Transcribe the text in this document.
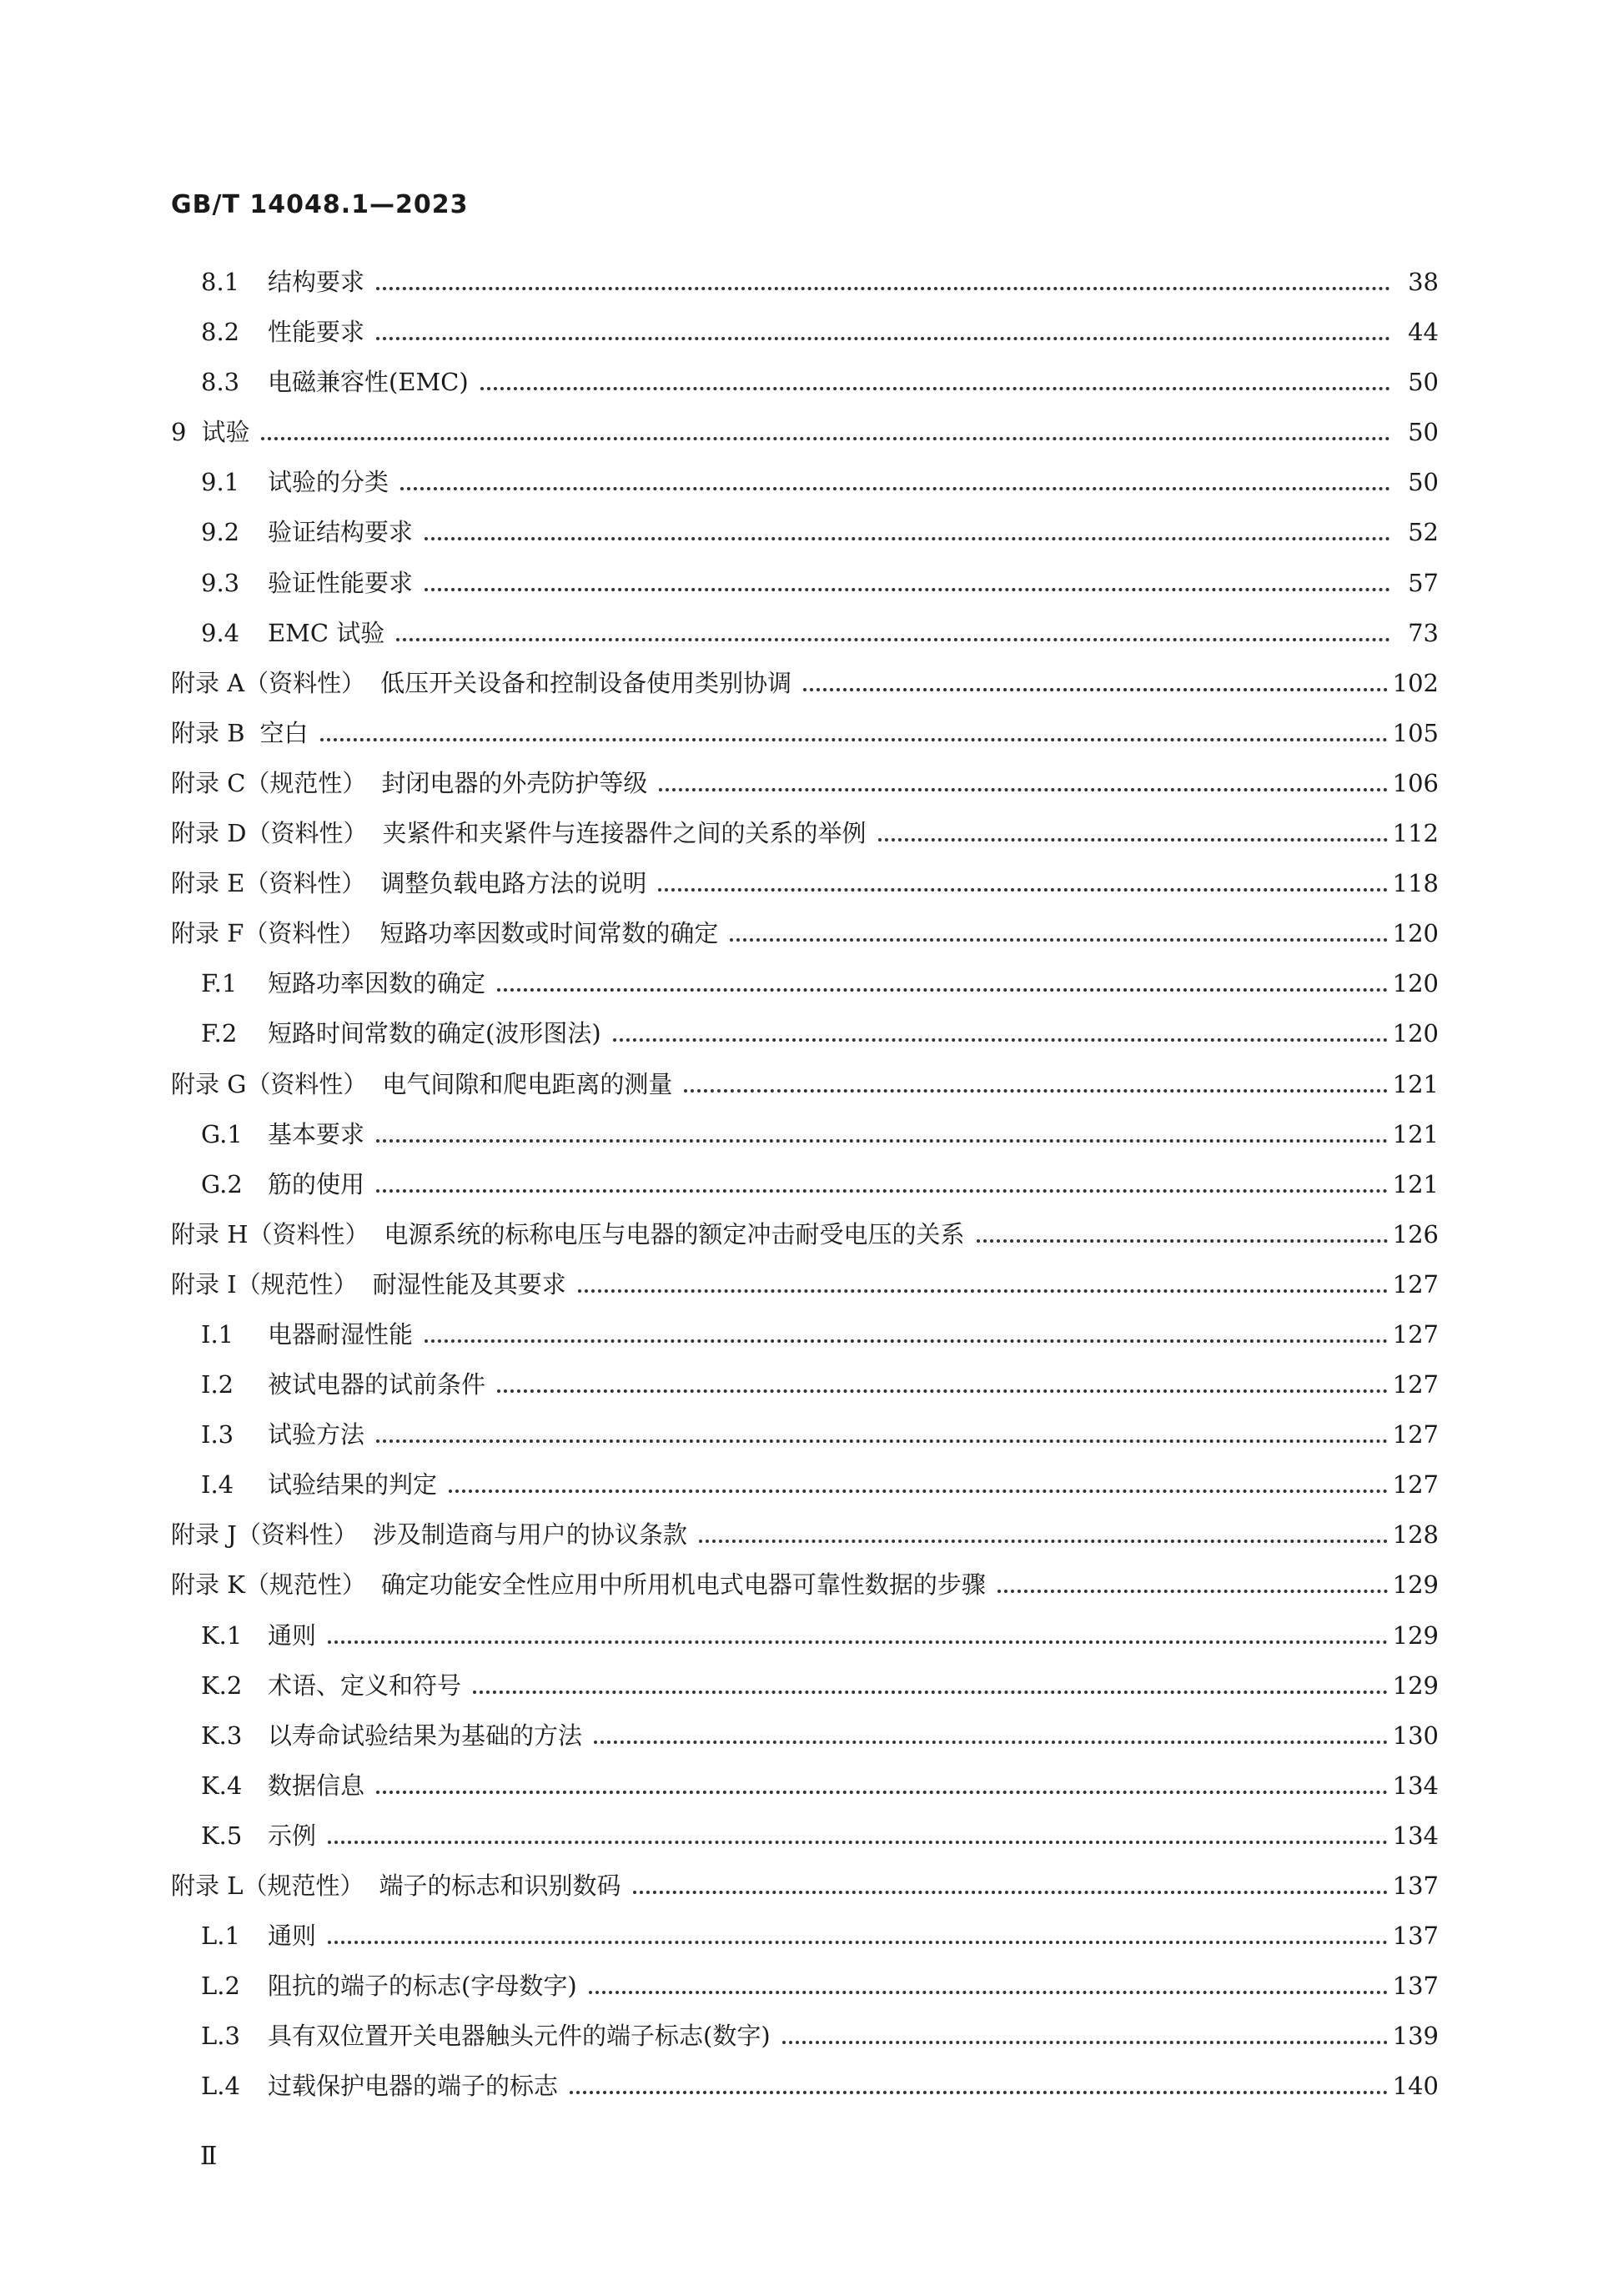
GB/T 14048.1—2023
8.1	结构要求	38
8.2	性能要求	44
8.3	电磁兼容性(EMC)	50
9 试验	50
9.1	试验的分类	50
9.2	验证结构要求	52
9.3	验证性能要求	57
9.4	EMC 试验	73
附录 A（资料性） 低压开关设备和控制设备使用类别协调	102
附录 B 空白	105
附录 C（规范性） 封闭电器的外壳防护等级	106
附录 D（资料性） 夹紧件和夹紧件与连接器件之间的关系的举例	112
附录 E（资料性） 调整负载电路方法的说明	118
附录 F（资料性） 短路功率因数或时间常数的确定	120
F.1	短路功率因数的确定	120
F.2	短路时间常数的确定(波形图法)	120
附录 G（资料性） 电气间隙和爬电距离的测量	121
G.1	基本要求	121
G.2	筋的使用	121
附录 H（资料性） 电源系统的标称电压与电器的额定冲击耐受电压的关系	126
附录 I（规范性） 耐湿性能及其要求	127
I.1	电器耐湿性能	127
I.2	被试电器的试前条件	127
I.3	试验方法	127
I.4	试验结果的判定	127
附录 J（资料性） 涉及制造商与用户的协议条款	128
附录 K（规范性） 确定功能安全性应用中所用机电式电器可靠性数据的步骤	129
K.1	通则	129
K.2	术语、定义和符号	129
K.3	以寿命试验结果为基础的方法	130
K.4	数据信息	134
K.5	示例	134
附录 L（规范性） 端子的标志和识别数码	137
L.1	通则	137
L.2	阻抗的端子的标志(字母数字)	137
L.3	具有双位置开关电器触头元件的端子标志(数字)	139
L.4	过载保护电器的端子的标志	140
Ⅱ
